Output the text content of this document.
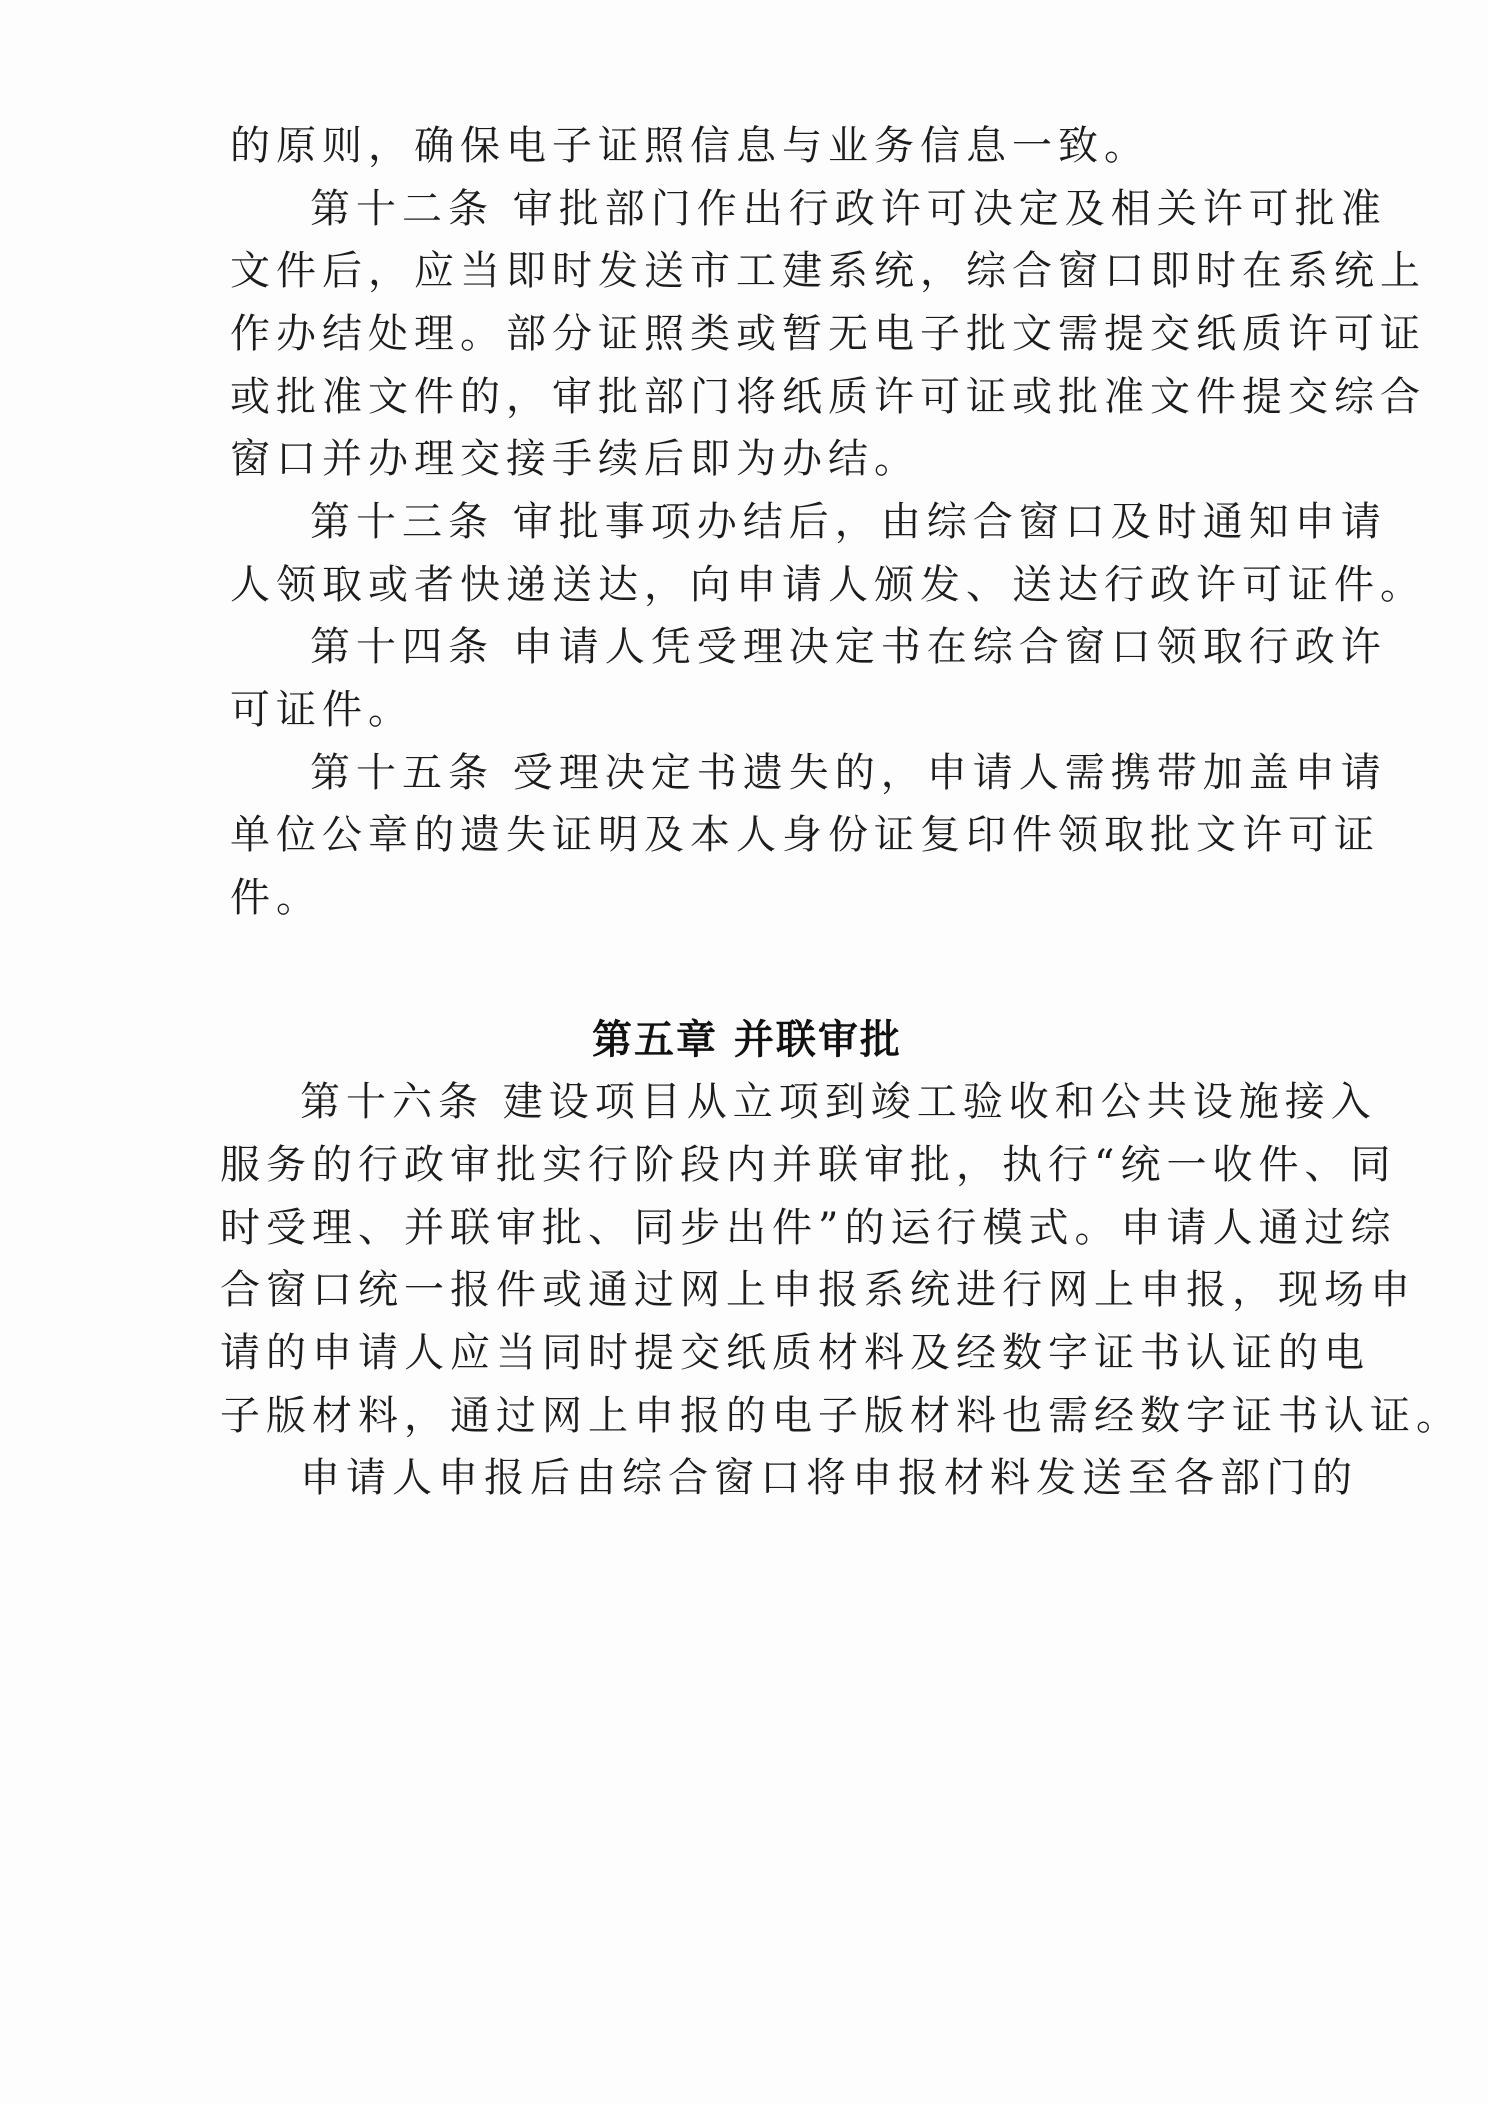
的原则，确保电子证照信息与业务信息一致。
第十二条 审批部门作出行政许可决定及相关许可批准
文件后，应当即时发送市工建系统，综合窗口即时在系统上
作办结处理。部分证照类或暂无电子批文需提交纸质许可证
或批准文件的，审批部门将纸质许可证或批准文件提交综合
窗口并办理交接手续后即为办结。
第十三条 审批事项办结后，由综合窗口及时通知申请
人领取或者快递送达，向申请人颁发、送达行政许可证件。
第十四条 申请人凭受理决定书在综合窗口领取行政许
可证件。
第十五条 受理决定书遗失的，申请人需携带加盖申请
单位公章的遗失证明及本人身份证复印件领取批文许可证
件。
第五章 并联审批
第十六条 建设项目从立项到竣工验收和公共设施接入
服务的行政审批实行阶段内并联审批，执行“统一收件、同
时受理、并联审批、同步出件”的运行模式。申请人通过综
合窗口统一报件或通过网上申报系统进行网上申报，现场申
请的申请人应当同时提交纸质材料及经数字证书认证的电
子版材料，通过网上申报的电子版材料也需经数字证书认证。
申请人申报后由综合窗口将申报材料发送至各部门的
